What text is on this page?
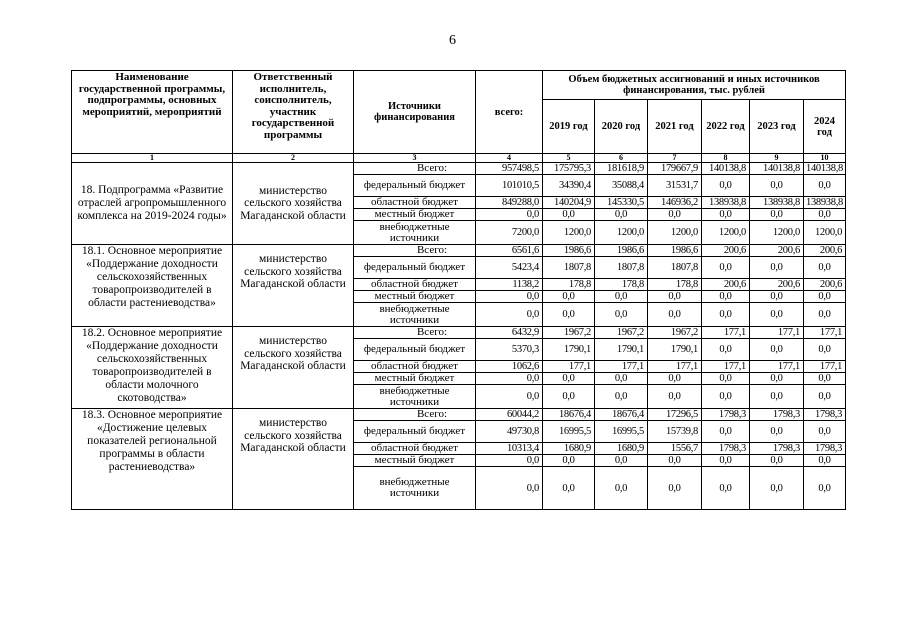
6
Наименование государственной программы, подпрограммы, основных мероприятий, мероприятий	Ответственный исполнитель, соисполнитель, участник государственной программы	Источники финансирования	всего:	Объем бюджетных ассигнований и иных источников финансирования, тыс. рублей					
				2019 год	2020 год	2021 год	2022 год	2023 год	2024 год
1	2	3	4	5	6	7	8	9	10
18. Подпрограмма «Развитие отраслей агропромышленного комплекса на 2019-2024 годы»	министерство сельского хозяйства Магаданской области	Всего:	957498,5	175795,3	181618,9	179667,9	140138,8	140138,8	140138,8
		федеральный бюджет	101010,5	34390,4	35088,4	31531,7	0,0	0,0	0,0
		областной бюджет	849288,0	140204,9	145330,5	146936,2	138938,8	138938,8	138938,8
		местный бюджет	0,0	0,0	0,0	0,0	0,0	0,0	0,0
		внебюджетные источники	7200,0	1200,0	1200,0	1200,0	1200,0	1200,0	1200,0
18.1. Основное мероприятие «Поддержание доходности сельскохозяйственных товаропроизводителей в области растениеводства»	министерство сельского хозяйства Магаданской области	Всего:	6561,6	1986,6	1986,6	1986,6	200,6	200,6	200,6
		федеральный бюджет	5423,4	1807,8	1807,8	1807,8	0,0	0,0	0,0
		областной бюджет	1138,2	178,8	178,8	178,8	200,6	200,6	200,6
		местный бюджет	0,0	0,0	0,0	0,0	0,0	0,0	0,0
		внебюджетные источники	0,0	0,0	0,0	0,0	0,0	0,0	0,0
18.2. Основное мероприятие «Поддержание доходности сельскохозяйственных товаропроизводителей в области молочного скотоводства»	министерство сельского хозяйства Магаданской области	Всего:	6432,9	1967,2	1967,2	1967,2	177,1	177,1	177,1
		федеральный бюджет	5370,3	1790,1	1790,1	1790,1	0,0	0,0	0,0
		областной бюджет	1062,6	177,1	177,1	177,1	177,1	177,1	177,1
		местный бюджет	0,0	0,0	0,0	0,0	0,0	0,0	0,0
		внебюджетные источники	0,0	0,0	0,0	0,0	0,0	0,0	0,0
18.3. Основное мероприятие «Достижение целевых показателей региональной программы в области растениеводства»	министерство сельского хозяйства Магаданской области	Всего:	60044,2	18676,4	18676,4	17296,5	1798,3	1798,3	1798,3
		федеральный бюджет	49730,8	16995,5	16995,5	15739,8	0,0	0,0	0,0
		областной бюджет	10313,4	1680,9	1680,9	1556,7	1798,3	1798,3	1798,3
		местный бюджет	0,0	0,0	0,0	0,0	0,0	0,0	0,0
		внебюджетные источники	0,0	0,0	0,0	0,0	0,0	0,0	0,0
